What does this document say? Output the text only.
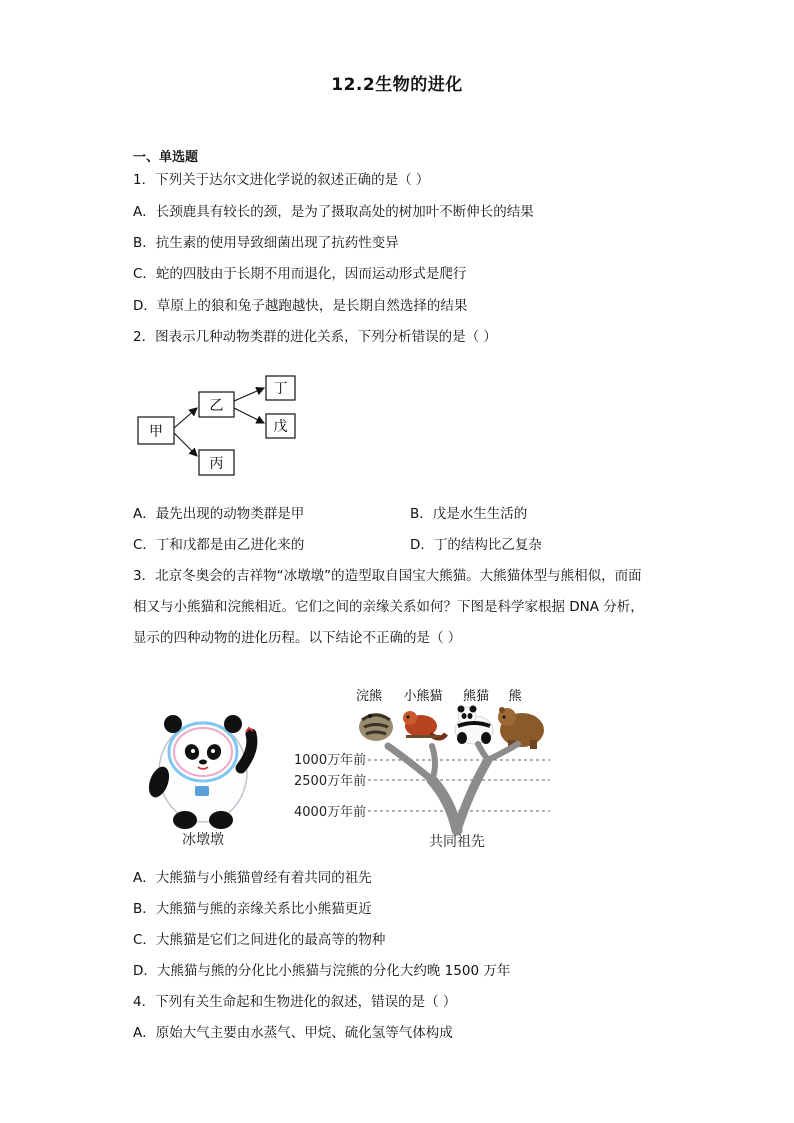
12.2生物的进化
一、单选题
1．下列关于达尔文进化学说的叙述正确的是（ ）
A．长颈鹿具有较长的颈，是为了摄取高处的树加叶不断伸长的结果
B．抗生素的使用导致细菌出现了抗药性变异
C．蛇的四肢由于长期不用而退化，因而运动形式是爬行
D．草原上的狼和兔子越跑越快，是长期自然选择的结果
2．图表示几种动物类群的进化关系，下列分析错误的是（ ）
甲
乙
丙
丁
戊
A．最先出现的动物类群是甲	B．戊是水生生活的
C．丁和戊都是由乙进化来的	D．丁的结构比乙复杂
3．北京冬奥会的吉祥物“冰墩墩”的造型取自国宝大熊猫。大熊猫体型与熊相似，而面
相又与小熊猫和浣熊相近。它们之间的亲缘关系如何？下图是科学家根据 DNA 分析，
显示的四种动物的进化历程。以下结论不正确的是（ ）
冰墩墩
浣熊 小熊猫 熊猫 熊
1000万年前
2500万年前
4000万年前
共同祖先
A．大熊猫与小熊猫曾经有着共同的祖先
B．大熊猫与熊的亲缘关系比小熊猫更近
C．大熊猫是它们之间进化的最高等的物种
D．大熊猫与熊的分化比小熊猫与浣熊的分化大约晚 1500 万年
4．下列有关生命起和生物进化的叙述，错误的是（ ）
A．原始大气主要由水蒸气、甲烷、硫化氢等气体构成
